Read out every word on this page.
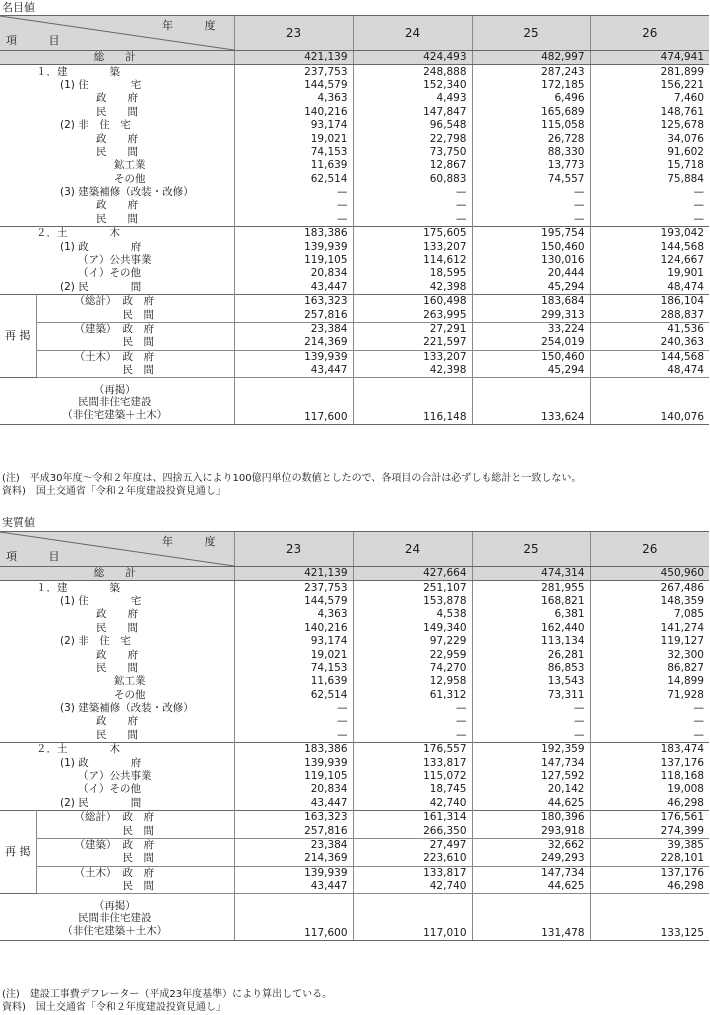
名目値
年 度
項 目		23	24	25	26
総　　計		421,139	424,493	482,997	474,941
１．建　　　　築		237,753	248,888	287,243	281,899
(1) 住　　　　宅		144,579	152,340	172,185	156,221
政　　府		4,363	4,493	6,496	7,460
民　　間		140,216	147,847	165,689	148,761
(2) 非　住　宅		93,174	96,548	115,058	125,678
政　　府		19,021	22,798	26,728	34,076
民　　間		74,153	73,750	88,330	91,602
鉱工業		11,639	12,867	13,773	15,718
その他		62,514	60,883	74,557	75,884
(3) 建築補修（改装・改修）		—	—	—	—
政　　府		—	—	—	—
民　　間		—	—	—	—
２．土　　　　木		183,386	175,605	195,754	193,042
(1) 政　　　　府		139,939	133,207	150,460	144,568
（ア）公共事業		119,105	114,612	130,016	124,667
（イ）その他		20,834	18,595	20,444	19,901
(2) 民　　　　間		43,447	42,398	45,294	48,474

再 掲	（総計） 政　府	163,323	160,498	183,684	186,104
	民　間	257,816	263,995	299,313	288,837
	（建築） 政　府	23,384	27,291	33,224	41,536
	民　間	214,369	221,597	254,019	240,363
	（土木） 政　府	139,939	133,207	150,460	144,568
	民　間	43,447	42,398	45,294	48,474

（再掲）
民間非住宅建設
（非住宅建築＋土木）		117,600	116,148	133,624	140,076
(注)　平成30年度〜令和２年度は、四捨五入により100億円単位の数値としたので、各項目の合計は必ずしも総計と一致しない。
資料)　国土交通省「令和２年度建設投資見通し」
実質値
年 度
項 目		23	24	25	26
総　　計		421,139	427,664	474,314	450,960
１．建　　　　築		237,753	251,107	281,955	267,486
(1) 住　　　　宅		144,579	153,878	168,821	148,359
政　　府		4,363	4,538	6,381	7,085
民　　間		140,216	149,340	162,440	141,274
(2) 非　住　宅		93,174	97,229	113,134	119,127
政　　府		19,021	22,959	26,281	32,300
民　　間		74,153	74,270	86,853	86,827
鉱工業		11,639	12,958	13,543	14,899
その他		62,514	61,312	73,311	71,928
(3) 建築補修（改装・改修）		—	—	—	—
政　　府		—	—	—	—
民　　間		—	—	—	—
２．土　　　　木		183,386	176,557	192,359	183,474
(1) 政　　　　府		139,939	133,817	147,734	137,176
（ア）公共事業		119,105	115,072	127,592	118,168
（イ）その他		20,834	18,745	20,142	19,008
(2) 民　　　　間		43,447	42,740	44,625	46,298

再 掲	（総計） 政　府	163,323	161,314	180,396	176,561
	民　間	257,816	266,350	293,918	274,399
	（建築） 政　府	23,384	27,497	32,662	39,385
	民　間	214,369	223,610	249,293	228,101
	（土木） 政　府	139,939	133,817	147,734	137,176
	民　間	43,447	42,740	44,625	46,298

（再掲）
民間非住宅建設
（非住宅建築＋土木）		117,600	117,010	131,478	133,125
(注)　建設工事費デフレーター（平成23年度基準）により算出している。
資料)　国土交通省「令和２年度建設投資見通し」
